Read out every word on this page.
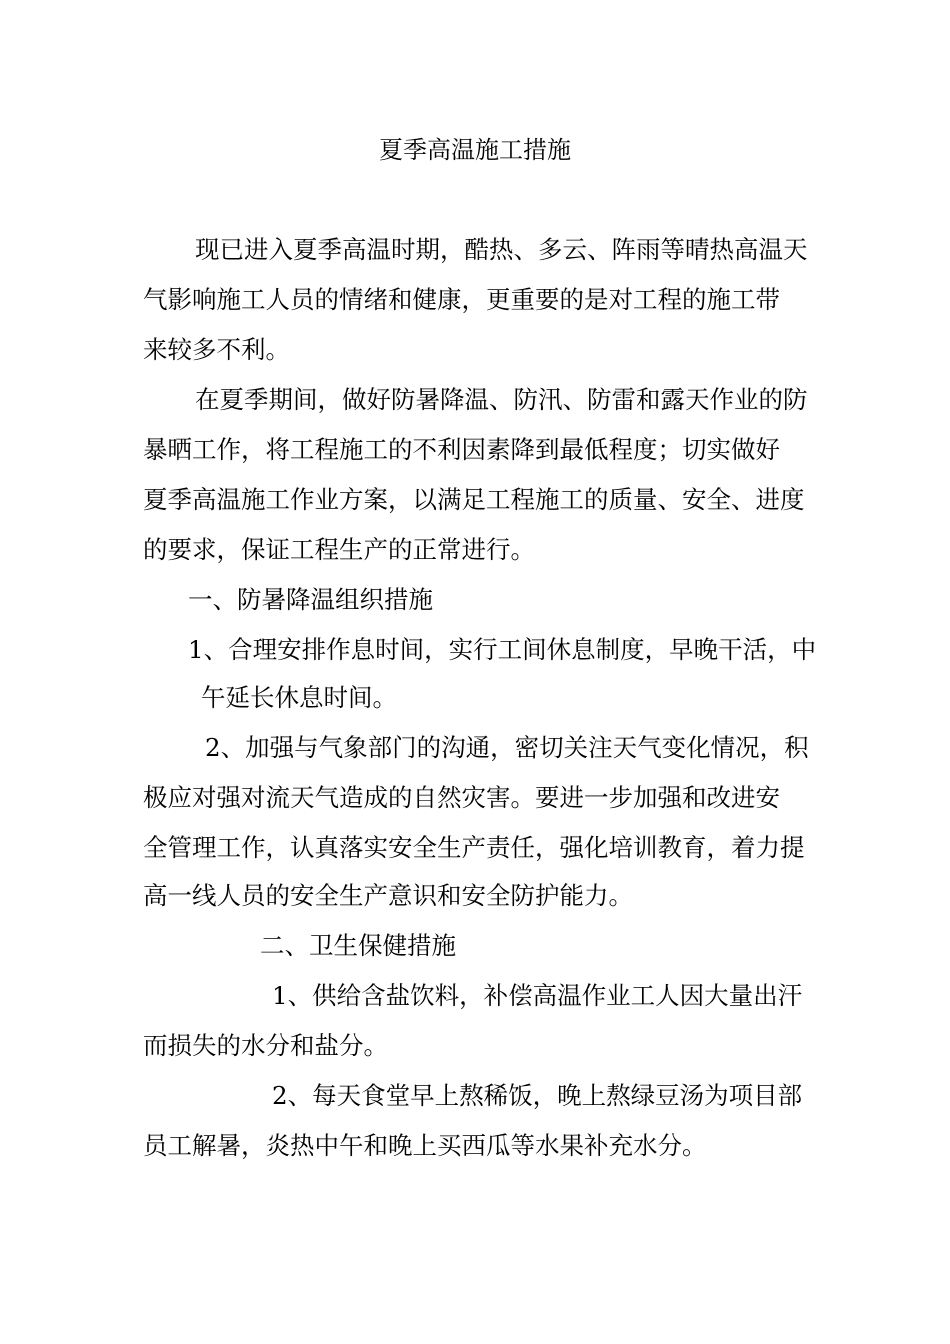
夏季高温施工措施
现已进入夏季高温时期，酷热、多云、阵雨等晴热高温天
气影响施工人员的情绪和健康，更重要的是对工程的施工带
来较多不利。
在夏季期间，做好防暑降温、防汛、防雷和露天作业的防
暴晒工作，将工程施工的不利因素降到最低程度；切实做好
夏季高温施工作业方案，以满足工程施工的质量、安全、进度
的要求，保证工程生产的正常进行。
一、防暑降温组织措施
1、合理安排作息时间，实行工间休息制度，早晚干活，中
午延长休息时间。
2、加强与气象部门的沟通，密切关注天气变化情况，积
极应对强对流天气造成的自然灾害。要进一步加强和改进安
全管理工作，认真落实安全生产责任，强化培训教育，着力提
高一线人员的安全生产意识和安全防护能力。
二、卫生保健措施
1、供给含盐饮料，补偿高温作业工人因大量出汗
而损失的水分和盐分。
2、每天食堂早上熬稀饭，晚上熬绿豆汤为项目部
员工解暑，炎热中午和晚上买西瓜等水果补充水分。
